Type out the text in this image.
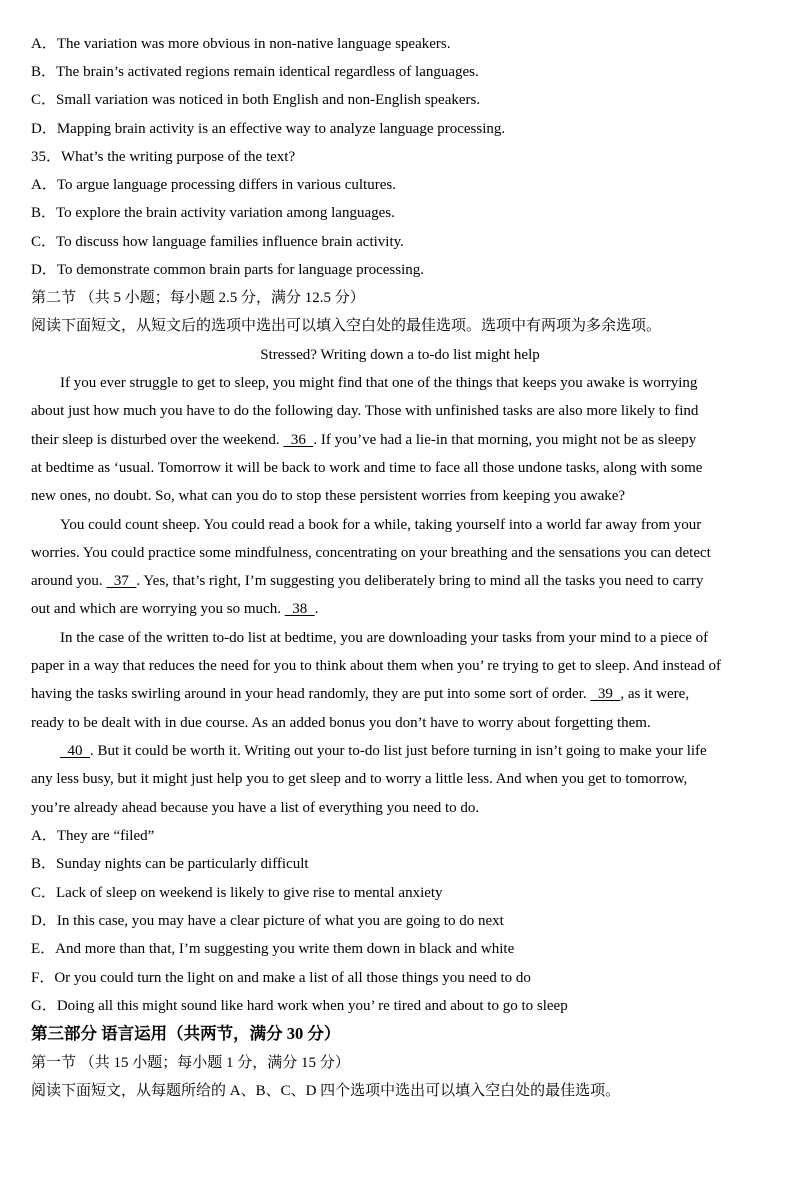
A．The variation was more obvious in non-native language speakers.
B．The brain’s activated regions remain identical regardless of languages.
C．Small variation was noticed in both English and non-English speakers.
D．Mapping brain activity is an effective way to analyze language processing.
35．What’s the writing purpose of the text?
A．To argue language processing differs in various cultures.
B．To explore the brain activity variation among languages.
C．To discuss how language families influence brain activity.
D．To demonstrate common brain parts for language processing.
第二节 （共 5 小题；每小题 2.5 分，满分 12.5 分）
阅读下面短文，从短文后的选项中选出可以填入空白处的最佳选项。选项中有两项为多余选项。
Stressed? Writing down a to-do list might help
If you ever struggle to get to sleep, you might find that one of the things that keeps you awake is worrying
about just how much you have to do the following day. Those with unfinished tasks are also more likely to find
their sleep is disturbed over the weekend.   36  . If you’ve had a lie-in that morning, you might not be as sleepy
at bedtime as ‘usual. Tomorrow it will be back to work and time to face all those undone tasks, along with some
new ones, no doubt. So, what can you do to stop these persistent worries from keeping you awake?
You could count sheep. You could read a book for a while, taking yourself into a world far away from your
worries. You could practice some mindfulness, concentrating on your breathing and the sensations you can detect
around you.   37  . Yes, that’s right, I’m suggesting you deliberately bring to mind all the tasks you need to carry
out and which are worrying you so much.   38  .
In the case of the written to-do list at bedtime, you are downloading your tasks from your mind to a piece of
paper in a way that reduces the need for you to think about them when you’ re trying to get to sleep. And instead of
having the tasks swirling around in your head randomly, they are put into some sort of order.   39  , as it were,
ready to be dealt with in due course. As an added bonus you don’t have to worry about forgetting them.
40  . But it could be worth it. Writing out your to-do list just before turning in isn’t going to make your life
any less busy, but it might just help you to get sleep and to worry a little less. And when you get to tomorrow,
you’re already ahead because you have a list of everything you need to do.
A．They are “filed”
B．Sunday nights can be particularly difficult
C．Lack of sleep on weekend is likely to give rise to mental anxiety
D．In this case, you may have a clear picture of what you are going to do next
E．And more than that, I’m suggesting you write them down in black and white
F．Or you could turn the light on and make a list of all those things you need to do
G．Doing all this might sound like hard work when you’ re tired and about to go to sleep
第三部分 语言运用（共两节，满分 30 分）
第一节 （共 15 小题；每小题 1 分，满分 15 分）
阅读下面短文，从每题所给的 A、B、C、D 四个选项中选出可以填入空白处的最佳选项。
